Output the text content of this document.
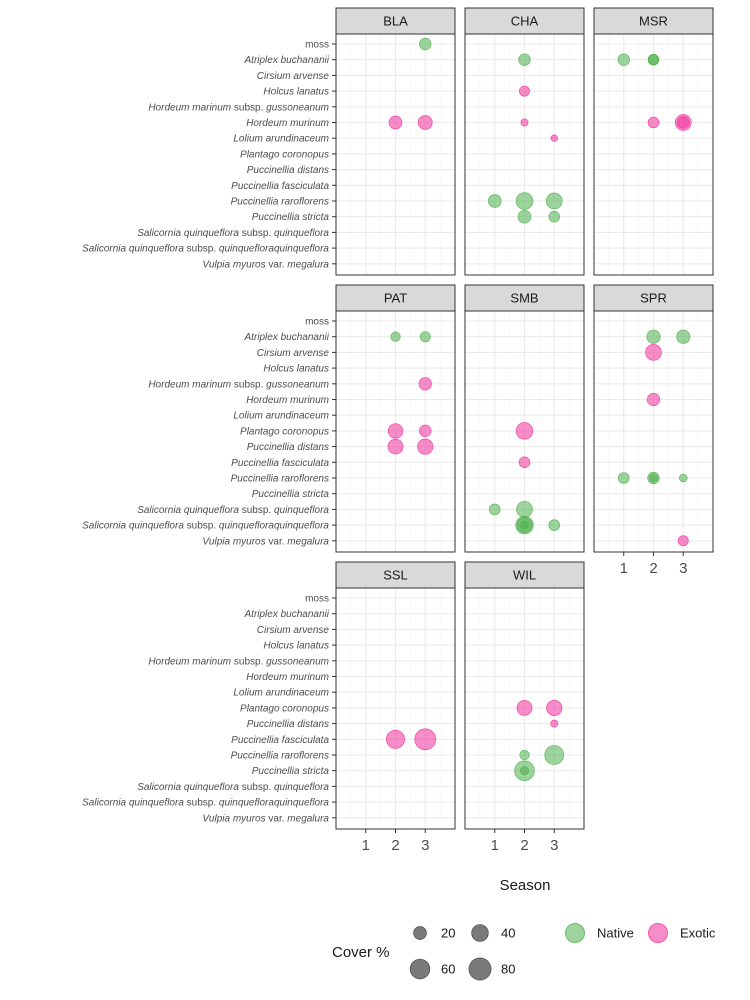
BLA
moss
Atriplex buchananii
Cirsium arvense
Holcus lanatus
Hordeum marinum subsp. gussoneanum
Hordeum murinum
Lolium arundinaceum
Plantago coronopus
Puccinellia distans
Puccinellia fasciculata
Puccinellia raroflorens
Puccinellia stricta
Salicornia quinqueflora subsp. quinqueflora
Salicornia quinqueflora subsp. quinquefloraquinqueflora
Vulpia myuros var. megalura
CHA	MSR
PAT
moss
Atriplex buchananii
Cirsium arvense
Holcus lanatus
Hordeum marinum subsp. gussoneanum
Hordeum murinum
Lolium arundinaceum
Plantago coronopus
Puccinellia distans
Puccinellia fasciculata
Puccinellia raroflorens
Puccinellia stricta
Salicornia quinqueflora subsp. quinqueflora
Salicornia quinqueflora subsp. quinquefloraquinqueflora
Vulpia myuros var. megalura
SMB	SPR
1 2 3
SSL
moss
Atriplex buchananii
Cirsium arvense
Holcus lanatus
Hordeum marinum subsp. gussoneanum
Hordeum murinum
Lolium arundinaceum
Plantago coronopus
Puccinellia distans
Puccinellia fasciculata
Puccinellia raroflorens
Puccinellia stricta
Salicornia quinqueflora subsp. quinqueflora
Salicornia quinqueflora subsp. quinquefloraquinqueflora
Vulpia myuros var. megalura
1 2 3
WIL
1 2 3
Season
Cover %
20	40
60	80
Native	Exotic
